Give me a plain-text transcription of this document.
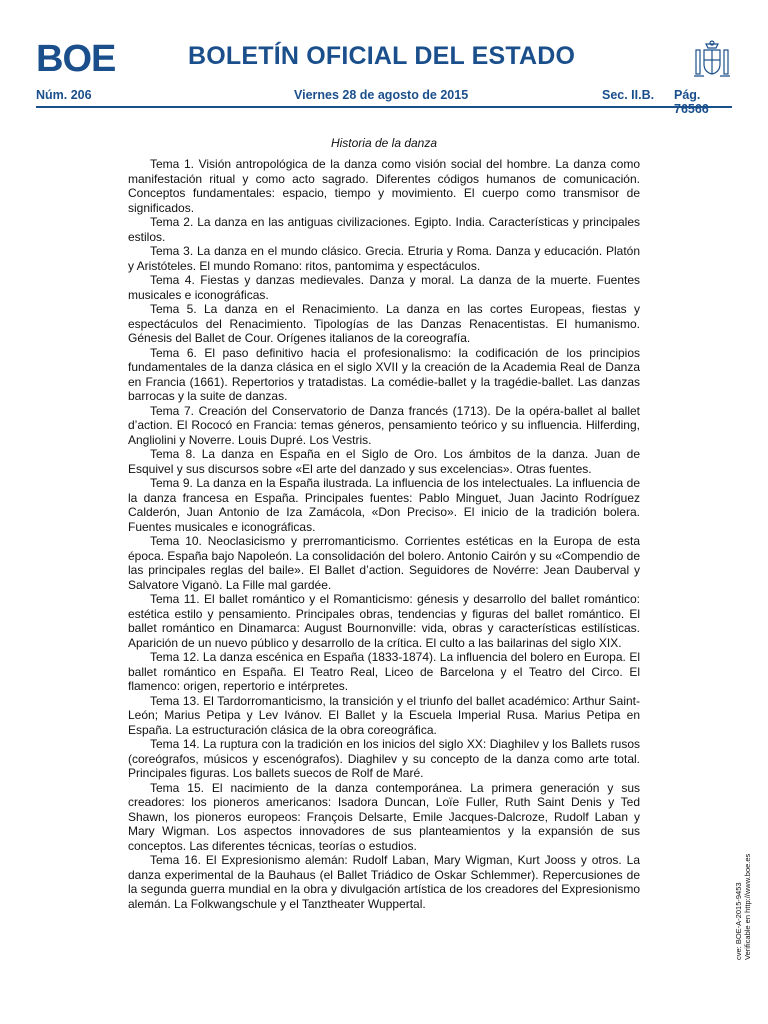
BOE	BOLETÍN OFICIAL DEL ESTADO
Núm. 206	Viernes 28 de agosto de 2015	Sec. II.B. Pág. 76566
Historia de la danza

Tema 1. Visión antropológica de la danza como visión social del hombre. La danza como manifestación ritual y como acto sagrado. Diferentes códigos humanos de comunicación. Conceptos fundamentales: espacio, tiempo y movimiento. El cuerpo como transmisor de significados.

Tema 2. La danza en las antiguas civilizaciones. Egipto. India. Características y principales estilos.

Tema 3. La danza en el mundo clásico. Grecia. Etruria y Roma. Danza y educación. Platón y Aristóteles. El mundo Romano: ritos, pantomima y espectáculos.

Tema 4. Fiestas y danzas medievales. Danza y moral. La danza de la muerte. Fuentes musicales e iconográficas.

Tema 5. La danza en el Renacimiento. La danza en las cortes Europeas, fiestas y espectáculos del Renacimiento. Tipologías de las Danzas Renacentistas. El humanismo. Génesis del Ballet de Cour. Orígenes italianos de la coreografía.

Tema 6. El paso definitivo hacia el profesionalismo: la codificación de los principios fundamentales de la danza clásica en el siglo XVII y la creación de la Academia Real de Danza en Francia (1661). Repertorios y tratadistas. La comédie-ballet y la tragédie-ballet. Las danzas barrocas y la suite de danzas.

Tema 7. Creación del Conservatorio de Danza francés (1713). De la opéra-ballet al ballet d’action. El Rococó en Francia: temas géneros, pensamiento teórico y su influencia. Hilferding, Angliolini y Noverre. Louis Dupré. Los Vestris.

Tema 8. La danza en España en el Siglo de Oro. Los ámbitos de la danza. Juan de Esquivel y sus discursos sobre «El arte del danzado y sus excelencias». Otras fuentes.

Tema 9. La danza en la España ilustrada. La influencia de los intelectuales. La influencia de la danza francesa en España. Principales fuentes: Pablo Minguet, Juan Jacinto Rodríguez Calderón, Juan Antonio de Iza Zamácola, «Don Preciso». El inicio de la tradición bolera. Fuentes musicales e iconográficas.

Tema 10. Neoclasicismo y prerromanticismo. Corrientes estéticas en la Europa de esta época. España bajo Napoleón. La consolidación del bolero. Antonio Cairón y su «Compendio de las principales reglas del baile». El Ballet d’action. Seguidores de Novérre: Jean Dauberval y Salvatore Viganò. La Fille mal gardée.

Tema 11. El ballet romántico y el Romanticismo: génesis y desarrollo del ballet romántico: estética estilo y pensamiento. Principales obras, tendencias y figuras del ballet romántico. El ballet romántico en Dinamarca: August Bournonville: vida, obras y características estilísticas. Aparición de un nuevo público y desarrollo de la crítica. El culto a las bailarinas del siglo XIX.

Tema 12. La danza escénica en España (1833-1874). La influencia del bolero en Europa. El ballet romántico en España. El Teatro Real, Liceo de Barcelona y el Teatro del Circo. El flamenco: origen, repertorio e intérpretes.

Tema 13. El Tardorromanticismo, la transición y el triunfo del ballet académico: Arthur Saint-León; Marius Petipa y Lev Ivánov. El Ballet y la Escuela Imperial Rusa. Marius Petipa en España. La estructuración clásica de la obra coreográfica.

Tema 14. La ruptura con la tradición en los inicios del siglo XX: Diaghilev y los Ballets rusos (coreógrafos, músicos y escenógrafos). Diaghilev y su concepto de la danza como arte total. Principales figuras. Los ballets suecos de Rolf de Maré.

Tema 15. El nacimiento de la danza contemporánea. La primera generación y sus creadores: los pioneros americanos: Isadora Duncan, Loïe Fuller, Ruth Saint Denis y Ted Shawn, los pioneros europeos: François Delsarte, Emile Jacques-Dalcroze, Rudolf Laban y Mary Wigman. Los aspectos innovadores de sus planteamientos y la expansión de sus conceptos. Las diferentes técnicas, teorías o estudios.

Tema 16. El Expresionismo alemán: Rudolf Laban, Mary Wigman, Kurt Jooss y otros. La danza experimental de la Bauhaus (el Ballet Triádico de Oskar Schlemmer). Repercusiones de la segunda guerra mundial en la obra y divulgación artística de los creadores del Expresionismo alemán. La Folkwangschule y el Tanztheater Wuppertal.	cve: BOE-A-2015-9453 Verificable en http://www.boe.es
